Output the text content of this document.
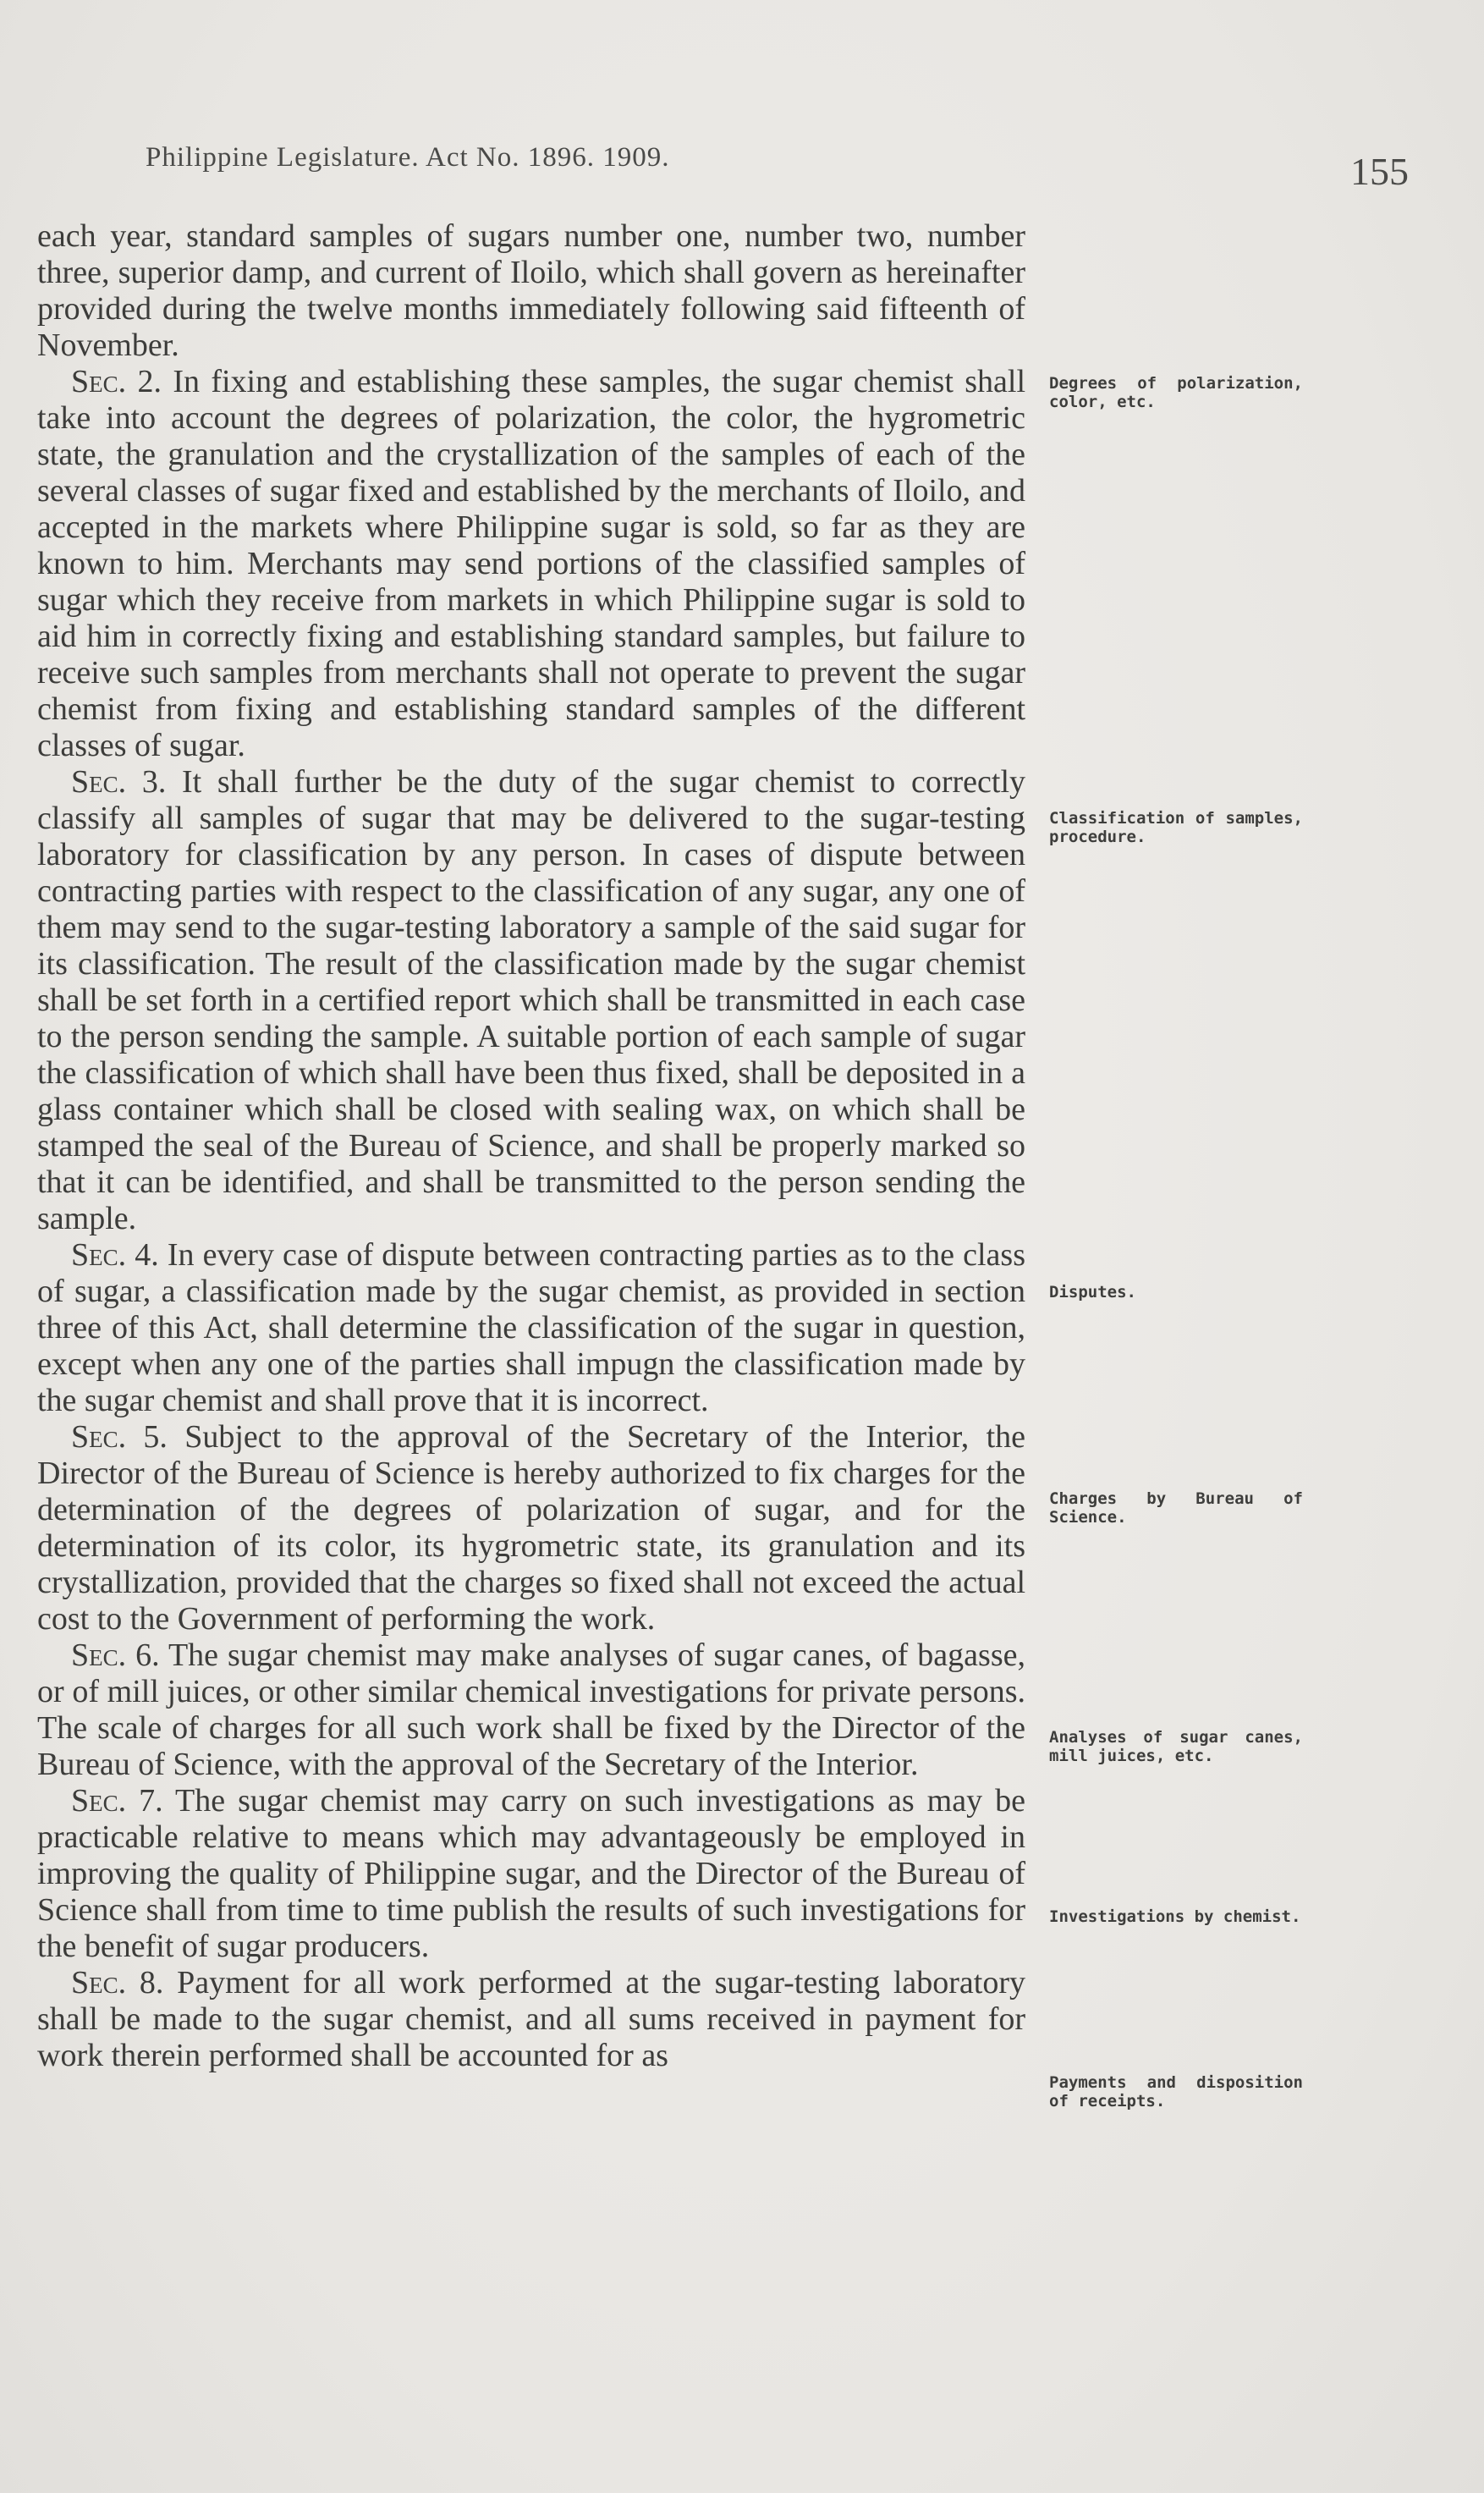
Philippine Legislature. Act No. 1896. 1909.	155

each year, standard samples of sugars number one, number two, number three, superior damp, and current of Iloilo, which shall govern as hereinafter provided during the twelve months immediately following said fifteenth of November.

Sec. 2. In fixing and establishing these samples, the sugar chemist shall take into account the degrees of polarization, the color, the hygrometric state, the granulation and the crystallization of the samples of each of the several classes of sugar fixed and established by the merchants of Iloilo, and accepted in the markets where Philippine sugar is sold, so far as they are known to him. Merchants may send portions of the classified samples of sugar which they receive from markets in which Philippine sugar is sold to aid him in correctly fixing and establishing standard samples, but failure to receive such samples from merchants shall not operate to prevent the sugar chemist from fixing and establishing standard samples of the different classes of sugar.

Sec. 3. It shall further be the duty of the sugar chemist to correctly classify all samples of sugar that may be delivered to the sugar-testing laboratory for classification by any person. In cases of dispute between contracting parties with respect to the classification of any sugar, any one of them may send to the sugar-testing laboratory a sample of the said sugar for its classification. The result of the classification made by the sugar chemist shall be set forth in a certified report which shall be transmitted in each case to the person sending the sample. A suitable portion of each sample of sugar the classification of which shall have been thus fixed, shall be deposited in a glass container which shall be closed with sealing wax, on which shall be stamped the seal of the Bureau of Science, and shall be properly marked so that it can be identified, and shall be transmitted to the person sending the sample.

Sec. 4. In every case of dispute between contracting parties as to the class of sugar, a classification made by the sugar chemist, as provided in section three of this Act, shall determine the classification of the sugar in question, except when any one of the parties shall impugn the classification made by the sugar chemist and shall prove that it is incorrect.

Sec. 5. Subject to the approval of the Secretary of the Interior, the Director of the Bureau of Science is hereby authorized to fix charges for the determination of the degrees of polarization of sugar, and for the determination of its color, its hygrometric state, its granulation and its crystallization, provided that the charges so fixed shall not exceed the actual cost to the Government of performing the work.

Sec. 6. The sugar chemist may make analyses of sugar canes, of bagasse, or of mill juices, or other similar chemical investigations for private persons. The scale of charges for all such work shall be fixed by the Director of the Bureau of Science, with the approval of the Secretary of the Interior.

Sec. 7. The sugar chemist may carry on such investigations as may be practicable relative to means which may advantageously be employed in improving the quality of Philippine sugar, and the Director of the Bureau of Science shall from time to time publish the results of such investigations for the benefit of sugar producers.

Sec. 8. Payment for all work performed at the sugar-testing laboratory shall be made to the sugar chemist, and all sums received in payment for work therein performed shall be accounted for as

Degrees of polarization, color, etc.
Classification of samples, procedure.
Disputes.
Charges by Bureau of Science.
Analyses of sugar canes, mill juices, etc.
Investigations by chemist.
Payments and disposition of receipts.
